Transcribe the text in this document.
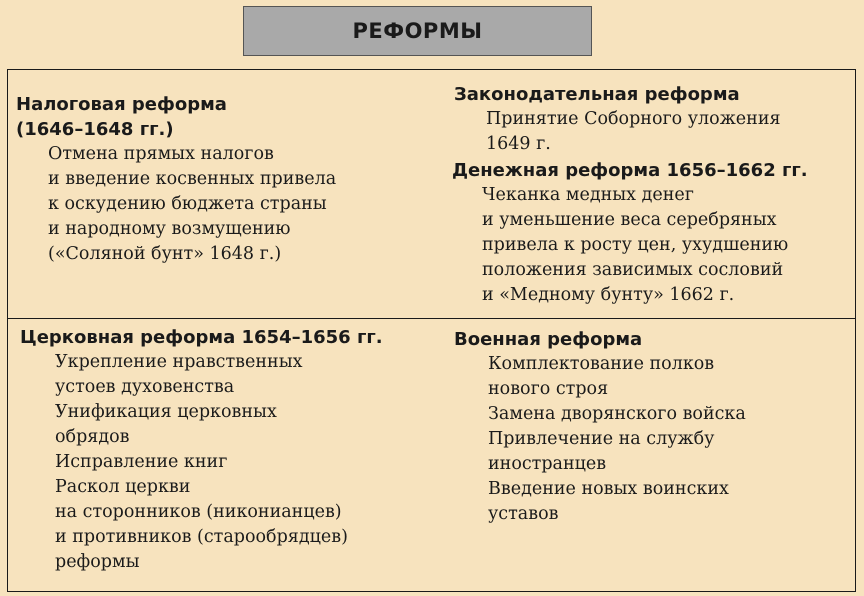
РЕФОРМЫ

Налоговая реформа

(1646–1648 гг.)

Отмена прямых налогов

и введение косвенных привела

к оскудению бюджета страны

и народному возмущению

(«Соляной бунт» 1648 г.)

Законодательная реформа

Принятие Соборного уложения

1649 г.

Денежная реформа 1656–1662 гг.

Чеканка медных денег

и уменьшение веса серебряных

привела к росту цен, ухудшению

положения зависимых сословий

и «Медному бунту» 1662 г.

Церковная реформа 1654–1656 гг.

Укрепление нравственных

устоев духовенства

Унификация церковных

обрядов

Исправление книг

Раскол церкви

на сторонников (никонианцев)

и противников (старообрядцев)

реформы

Военная реформа

Комплектование полков

нового строя

Замена дворянского войска

Привлечение на службу

иностранцев

Введение новых воинских

уставов
